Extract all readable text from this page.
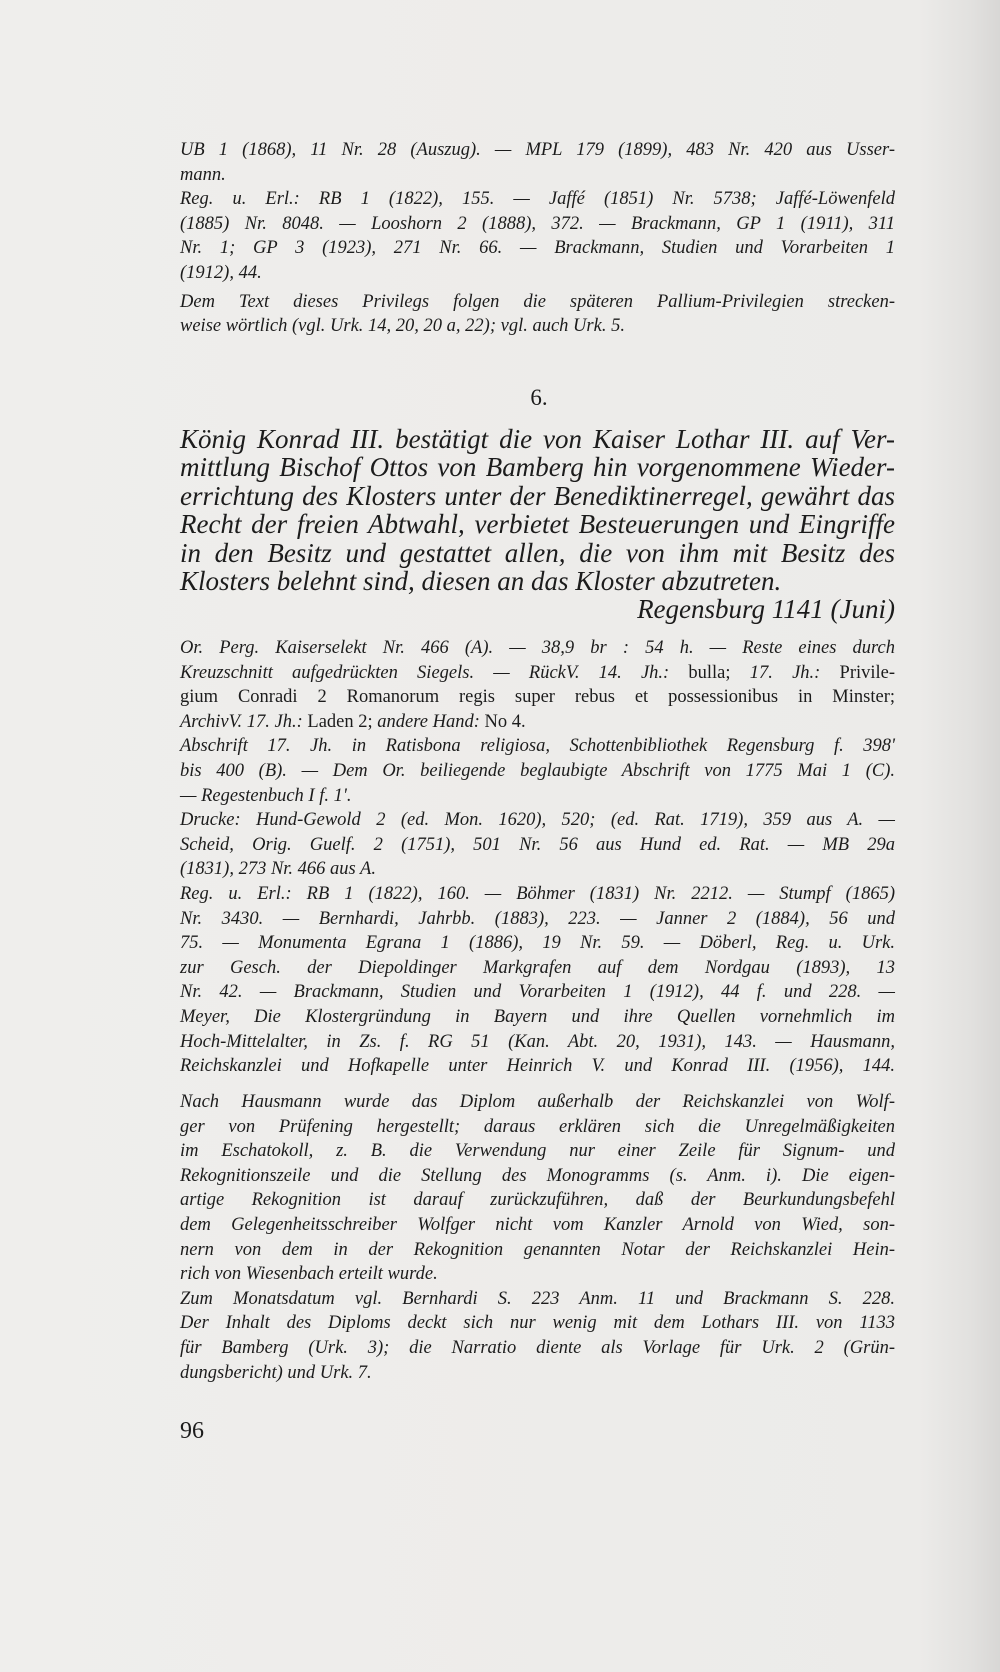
UB 1 (1868), 11 Nr. 28 (Auszug). — MPL 179 (1899), 483 Nr. 420 aus Usser-
mann.
Reg. u. Erl.: RB 1 (1822), 155. — Jaffé (1851) Nr. 5738; Jaffé-Löwenfeld
(1885) Nr. 8048. — Looshorn 2 (1888), 372. — Brackmann, GP 1 (1911), 311
Nr. 1; GP 3 (1923), 271 Nr. 66. — Brackmann, Studien und Vorarbeiten 1
(1912), 44.
Dem Text dieses Privilegs folgen die späteren Pallium-Privilegien strecken-
weise wörtlich (vgl. Urk. 14, 20, 20 a, 22); vgl. auch Urk. 5.
6.
König Konrad III. bestätigt die von Kaiser Lothar III. auf Ver-
mittlung Bischof Ottos von Bamberg hin vorgenommene Wieder-
errichtung des Klosters unter der Benediktinerregel, gewährt das
Recht der freien Abtwahl, verbietet Besteuerungen und Eingriffe
in den Besitz und gestattet allen, die von ihm mit Besitz des
Klosters belehnt sind, diesen an das Kloster abzutreten.
Regensburg 1141 (Juni)
Or. Perg. Kaiserselekt Nr. 466 (A). — 38,9 br : 54 h. — Reste eines durch
Kreuzschnitt aufgedrückten Siegels. — RückV. 14. Jh.: bulla; 17. Jh.: Privile-
gium Conradi 2 Romanorum regis super rebus et possessionibus in Minster;
ArchivV. 17. Jh.: Laden 2; andere Hand: No 4.
Abschrift 17. Jh. in Ratisbona religiosa, Schottenbibliothek Regensburg f. 398'
bis 400 (B). — Dem Or. beiliegende beglaubigte Abschrift von 1775 Mai 1 (C).
— Regestenbuch I f. 1'.
Drucke: Hund-Gewold 2 (ed. Mon. 1620), 520; (ed. Rat. 1719), 359 aus A. —
Scheid, Orig. Guelf. 2 (1751), 501 Nr. 56 aus Hund ed. Rat. — MB 29a
(1831), 273 Nr. 466 aus A.
Reg. u. Erl.: RB 1 (1822), 160. — Böhmer (1831) Nr. 2212. — Stumpf (1865)
Nr. 3430. — Bernhardi, Jahrbb. (1883), 223. — Janner 2 (1884), 56 und
75. — Monumenta Egrana 1 (1886), 19 Nr. 59. — Döberl, Reg. u. Urk.
zur Gesch. der Diepoldinger Markgrafen auf dem Nordgau (1893), 13
Nr. 42. — Brackmann, Studien und Vorarbeiten 1 (1912), 44 f. und 228. —
Meyer, Die Klostergründung in Bayern und ihre Quellen vornehmlich im
Hoch-Mittelalter, in Zs. f. RG 51 (Kan. Abt. 20, 1931), 143. — Hausmann,
Reichskanzlei und Hofkapelle unter Heinrich V. und Konrad III. (1956), 144.
Nach Hausmann wurde das Diplom außerhalb der Reichskanzlei von Wolf-
ger von Prüfening hergestellt; daraus erklären sich die Unregelmäßigkeiten
im Eschatokoll, z. B. die Verwendung nur einer Zeile für Signum- und
Rekognitionszeile und die Stellung des Monogramms (s. Anm. i). Die eigen-
artige Rekognition ist darauf zurückzuführen, daß der Beurkundungsbefehl
dem Gelegenheitsschreiber Wolfger nicht vom Kanzler Arnold von Wied, son-
nern von dem in der Rekognition genannten Notar der Reichskanzlei Hein-
rich von Wiesenbach erteilt wurde.
Zum Monatsdatum vgl. Bernhardi S. 223 Anm. 11 und Brackmann S. 228.
Der Inhalt des Diploms deckt sich nur wenig mit dem Lothars III. von 1133
für Bamberg (Urk. 3); die Narratio diente als Vorlage für Urk. 2 (Grün-
dungsbericht) und Urk. 7.
96
